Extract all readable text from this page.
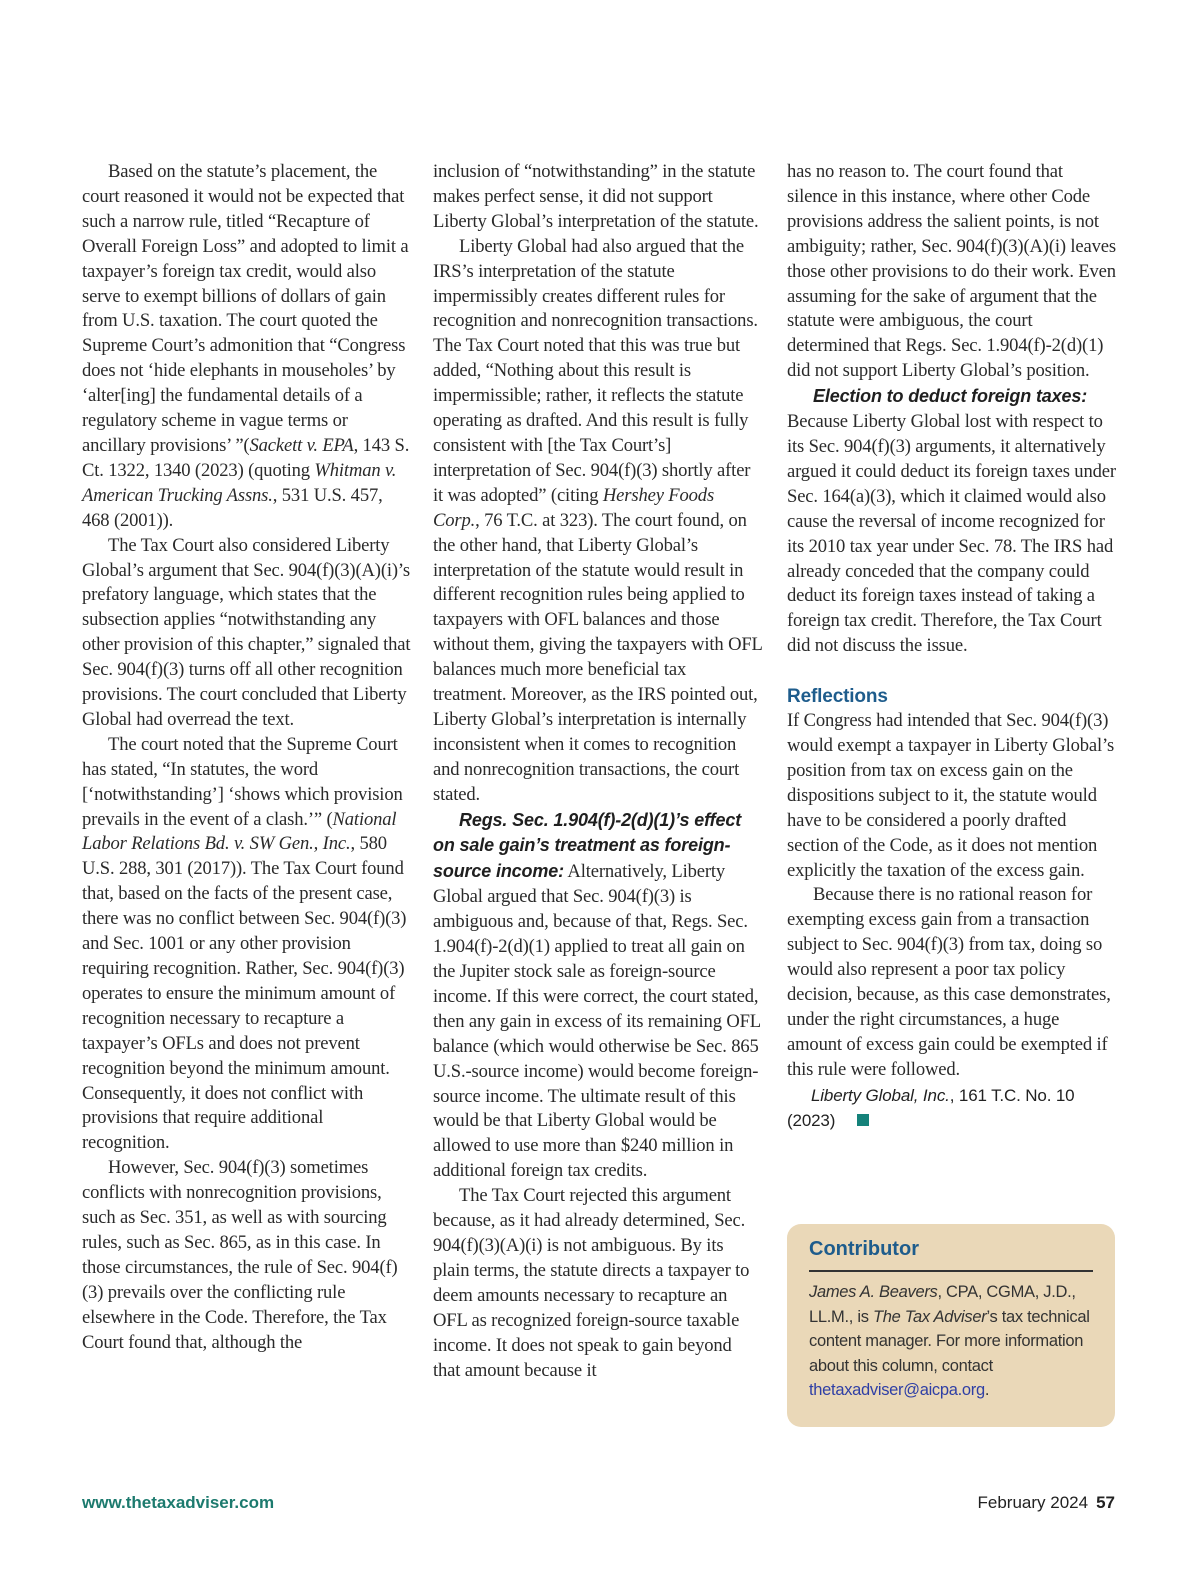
Based on the statute’s placement, the court reasoned it would not be expected that such a narrow rule, titled “Recapture of Overall Foreign Loss” and adopted to limit a taxpayer’s foreign tax credit, would also serve to exempt billions of dollars of gain from U.S. taxation. The court quoted the Supreme Court’s admonition that “Congress does not ‘hide elephants in mouseholes’ by ‘alter[ing] the fundamental details of a regulatory scheme in vague terms or ancillary provisions’ ”(Sackett v. EPA, 143 S. Ct. 1322, 1340 (2023) (quoting Whitman v. American Trucking Assns., 531 U.S. 457, 468 (2001)).

The Tax Court also considered Liberty Global’s argument that Sec. 904(f)(3)(A)(i)’s prefatory language, which states that the subsection applies “notwithstanding any other provision of this chapter,” signaled that Sec. 904(f)(3) turns off all other recognition provisions. The court concluded that Liberty Global had overread the text.

The court noted that the Supreme Court has stated, “In statutes, the word [‘notwithstanding’] ‘shows which provision prevails in the event of a clash.’” (National Labor Relations Bd. v. SW Gen., Inc., 580 U.S. 288, 301 (2017)). The Tax Court found that, based on the facts of the present case, there was no conflict between Sec. 904(f)(3) and Sec. 1001 or any other provision requiring recognition. Rather, Sec. 904(f)(3) operates to ensure the minimum amount of recognition necessary to recapture a taxpayer’s OFLs and does not prevent recognition beyond the minimum amount. Consequently, it does not conflict with provisions that require additional recognition.

However, Sec. 904(f)(3) sometimes conflicts with nonrecognition provisions, such as Sec. 351, as well as with sourcing rules, such as Sec. 865, as in this case. In those circumstances, the rule of Sec. 904(f)(3) prevails over the conflicting rule elsewhere in the Code. Therefore, the Tax Court found that, although the

inclusion of “notwithstanding” in the statute makes perfect sense, it did not support Liberty Global’s interpretation of the statute.

Liberty Global had also argued that the IRS’s interpretation of the statute impermissibly creates different rules for recognition and nonrecognition transactions. The Tax Court noted that this was true but added, “Nothing about this result is impermissible; rather, it reflects the statute operating as drafted. And this result is fully consistent with [the Tax Court’s] interpretation of Sec. 904(f)(3) shortly after it was adopted” (citing Hershey Foods Corp., 76 T.C. at 323). The court found, on the other hand, that Liberty Global’s interpretation of the statute would result in different recognition rules being applied to taxpayers with OFL balances and those without them, giving the taxpayers with OFL balances much more beneficial tax treatment. Moreover, as the IRS pointed out, Liberty Global’s interpretation is internally inconsistent when it comes to recognition and nonrecognition transactions, the court stated.

Regs. Sec. 1.904(f)-2(d)(1)’s effect on sale gain’s treatment as foreign-source income: Alternatively, Liberty Global argued that Sec. 904(f)(3) is ambiguous and, because of that, Regs. Sec. 1.904(f)-2(d)(1) applied to treat all gain on the Jupiter stock sale as foreign-source income. If this were correct, the court stated, then any gain in excess of its remaining OFL balance (which would otherwise be Sec. 865 U.S.-source income) would become foreign-source income. The ultimate result of this would be that Liberty Global would be allowed to use more than $240 million in additional foreign tax credits.

The Tax Court rejected this argument because, as it had already determined, Sec. 904(f)(3)(A)(i) is not ambiguous. By its plain terms, the statute directs a taxpayer to deem amounts necessary to recapture an OFL as recognized foreign-source taxable income. It does not speak to gain beyond that amount because it

has no reason to. The court found that silence in this instance, where other Code provisions address the salient points, is not ambiguity; rather, Sec. 904(f)(3)(A)(i) leaves those other provisions to do their work. Even assuming for the sake of argument that the statute were ambiguous, the court determined that Regs. Sec. 1.904(f)-2(d)(1) did not support Liberty Global’s position.

Election to deduct foreign taxes: Because Liberty Global lost with respect to its Sec. 904(f)(3) arguments, it alternatively argued it could deduct its foreign taxes under Sec. 164(a)(3), which it claimed would also cause the reversal of income recognized for its 2010 tax year under Sec. 78. The IRS had already conceded that the company could deduct its foreign taxes instead of taking a foreign tax credit. Therefore, the Tax Court did not discuss the issue.

Reflections

If Congress had intended that Sec. 904(f)(3) would exempt a taxpayer in Liberty Global’s position from tax on excess gain on the dispositions subject to it, the statute would have to be considered a poorly drafted section of the Code, as it does not mention explicitly the taxation of the excess gain.

Because there is no rational reason for exempting excess gain from a transaction subject to Sec. 904(f)(3) from tax, doing so would also represent a poor tax policy decision, because, as this case demonstrates, under the right circumstances, a huge amount of excess gain could be exempted if this rule were followed.

Liberty Global, Inc., 161 T.C. No. 10 (2023)

Contributor
James A. Beavers, CPA, CGMA, J.D., LL.M., is The Tax Adviser’s tax technical content manager. For more information about this column, contact thetaxadviser@aicpa.org.
www.thetaxadviser.com	February 2024 57
